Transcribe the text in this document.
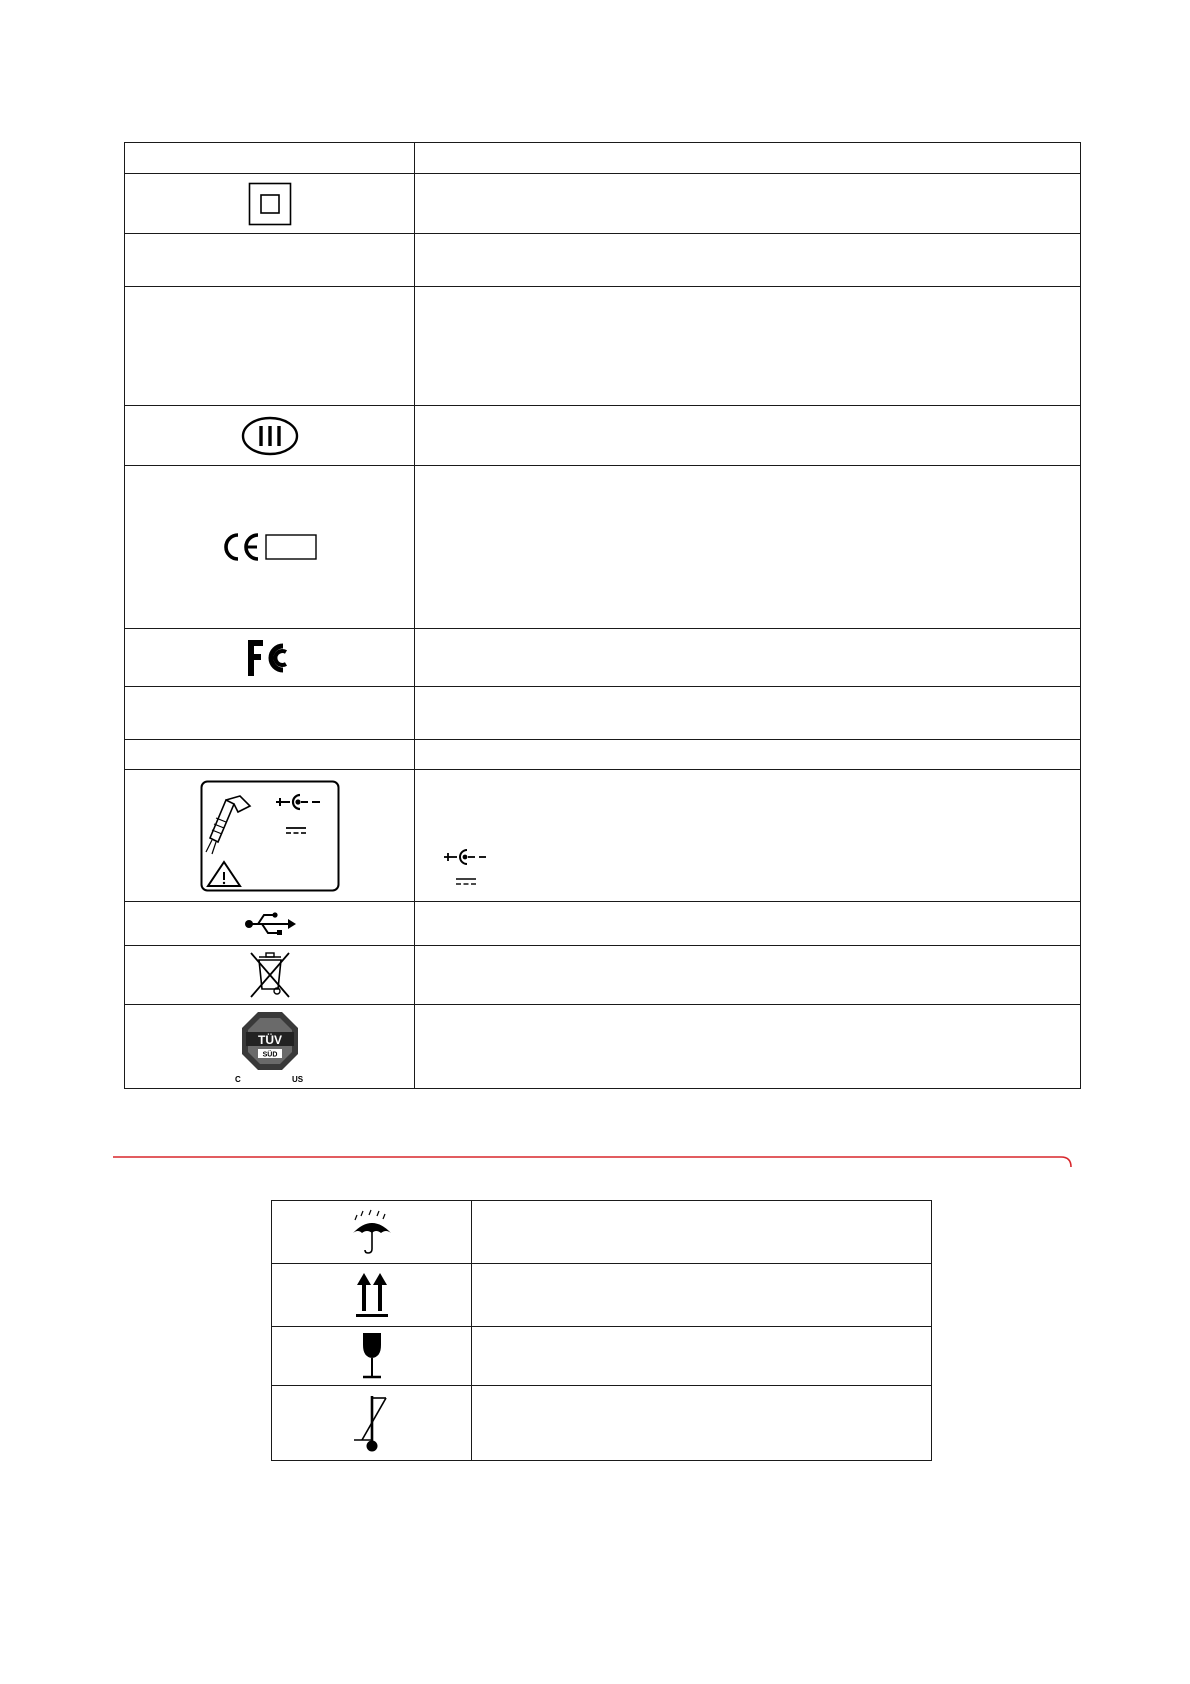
TÜV
SÜD
C US	
